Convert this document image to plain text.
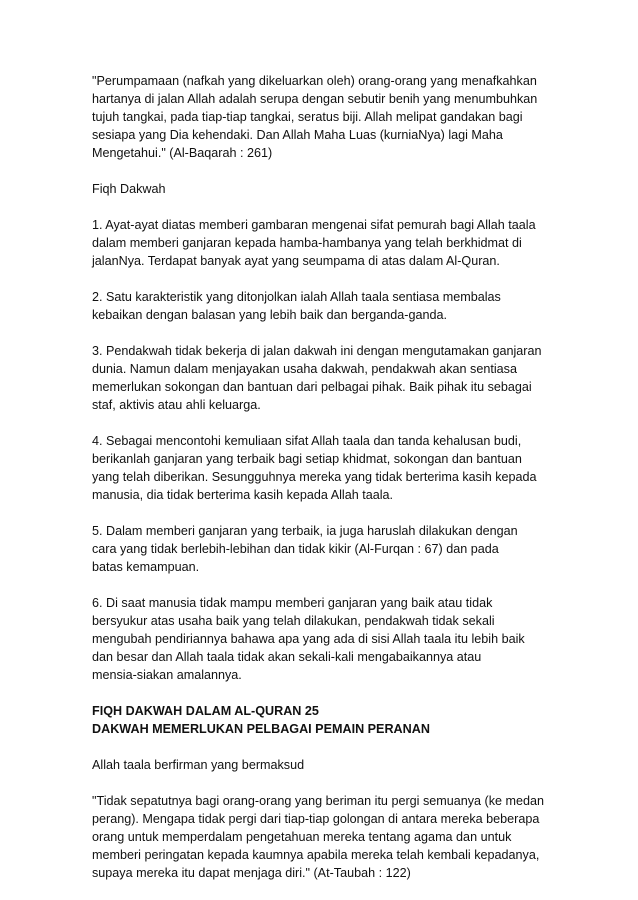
"Perumpamaan (nafkah yang dikeluarkan oleh) orang-orang yang menafkahkan
hartanya di jalan Allah adalah serupa dengan sebutir benih yang menumbuhkan
tujuh tangkai, pada tiap-tiap tangkai, seratus biji. Allah melipat gandakan bagi
sesiapa yang Dia kehendaki. Dan Allah Maha Luas (kurniaNya) lagi Maha
Mengetahui." (Al-Baqarah : 261)
Fiqh Dakwah
1. Ayat-ayat diatas memberi gambaran mengenai sifat pemurah bagi Allah taala
dalam memberi ganjaran kepada hamba-hambanya yang telah berkhidmat di
jalanNya. Terdapat banyak ayat yang seumpama di atas dalam Al-Quran.
2. Satu karakteristik yang ditonjolkan ialah Allah taala sentiasa membalas
kebaikan dengan balasan yang lebih baik dan berganda-ganda.
3. Pendakwah tidak bekerja di jalan dakwah ini dengan mengutamakan ganjaran
dunia. Namun dalam menjayakan usaha dakwah, pendakwah akan sentiasa
memerlukan sokongan dan bantuan dari pelbagai pihak. Baik pihak itu sebagai
staf, aktivis atau ahli keluarga.
4. Sebagai mencontohi kemuliaan sifat Allah taala dan tanda kehalusan budi,
berikanlah ganjaran yang terbaik bagi setiap khidmat, sokongan dan bantuan
yang telah diberikan. Sesungguhnya mereka yang tidak berterima kasih kepada
manusia, dia tidak berterima kasih kepada Allah taala.
5. Dalam memberi ganjaran yang terbaik, ia juga haruslah dilakukan dengan
cara yang tidak berlebih-lebihan dan tidak kikir (Al-Furqan : 67) dan pada
batas kemampuan.
6. Di saat manusia tidak mampu memberi ganjaran yang baik atau tidak
bersyukur atas usaha baik yang telah dilakukan, pendakwah tidak sekali
mengubah pendiriannya bahawa apa yang ada di sisi Allah taala itu lebih baik
dan besar dan Allah taala tidak akan sekali-kali mengabaikannya atau
mensia-siakan amalannya.
FIQH DAKWAH DALAM AL-QURAN 25
DAKWAH MEMERLUKAN PELBAGAI PEMAIN PERANAN
Allah taala berfirman yang bermaksud
"Tidak sepatutnya bagi orang-orang yang beriman itu pergi semuanya (ke medan
perang). Mengapa tidak pergi dari tiap-tiap golongan di antara mereka beberapa
orang untuk memperdalam pengetahuan mereka tentang agama dan untuk
memberi peringatan kepada kaumnya apabila mereka telah kembali kepadanya,
supaya mereka itu dapat menjaga diri." (At-Taubah : 122)
